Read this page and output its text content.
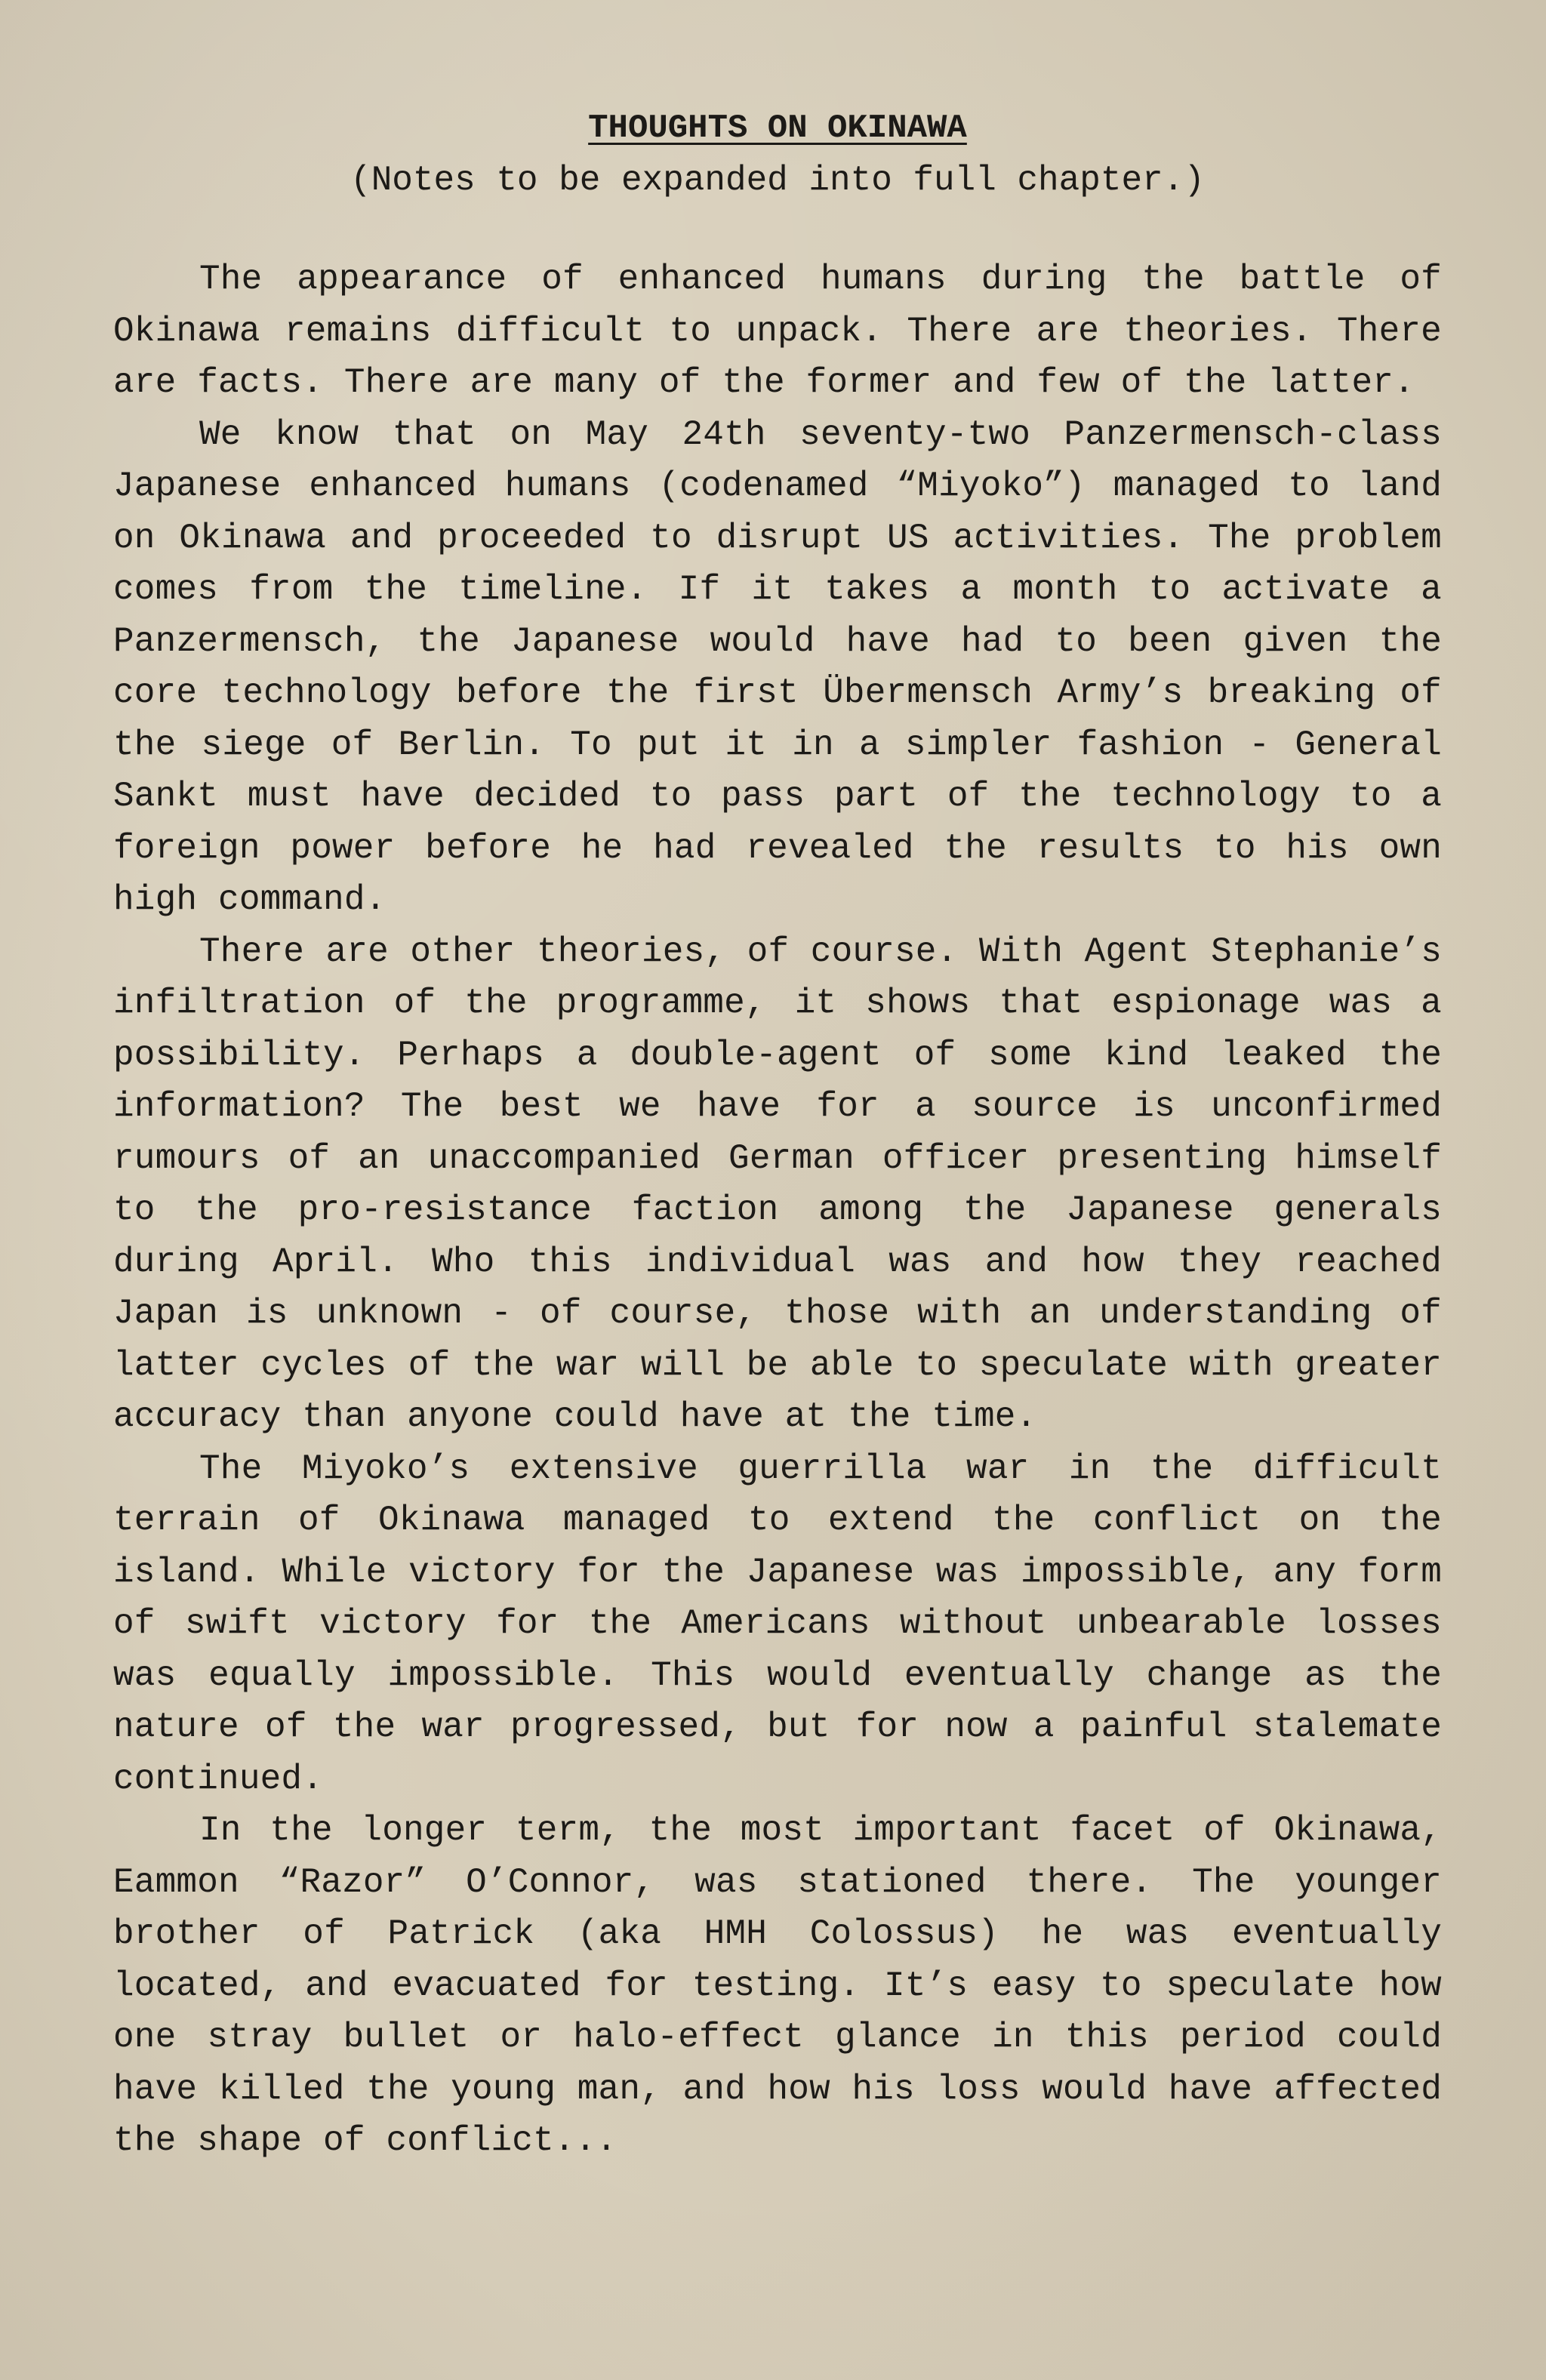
THOUGHTS ON OKINAWA

(Notes to be expanded into full chapter.)

The appearance of enhanced humans during the battle of Okinawa remains difficult to unpack. There are theories. There are facts. There are many of the former and few of the latter.

We know that on May 24th seventy-two Panzermensch-class Japanese enhanced humans (codenamed “Miyoko”) managed to land on Okinawa and proceeded to disrupt US activities. The problem comes from the timeline. If it takes a month to activate a Panzermensch, the Japanese would have had to been given the core technology before the first Übermensch Army’s breaking of the siege of Berlin. To put it in a simpler fashion - General Sankt must have decided to pass part of the technology to a foreign power before he had revealed the results to his own high command.

There are other theories, of course. With Agent Stephanie’s infiltration of the programme, it shows that espionage was a possibility. Perhaps a double-agent of some kind leaked the information? The best we have for a source is unconfirmed rumours of an unaccompanied German officer presenting himself to the pro-resistance faction among the Japanese generals during April. Who this individual was and how they reached Japan is unknown - of course, those with an understanding of latter cycles of the war will be able to speculate with greater accuracy than anyone could have at the time.

The Miyoko’s extensive guerrilla war in the difficult terrain of Okinawa managed to extend the conflict on the island. While victory for the Japanese was impossible, any form of swift victory for the Americans without unbearable losses was equally impossible. This would eventually change as the nature of the war progressed, but for now a painful stalemate continued.

In the longer term, the most important facet of Okinawa, Eammon “Razor” O’Connor, was stationed there. The younger brother of Patrick (aka HMH Colossus) he was eventually located, and evacuated for testing. It’s easy to speculate how one stray bullet or halo-effect glance in this period could have killed the young man, and how his loss would have affected the shape of conflict...
